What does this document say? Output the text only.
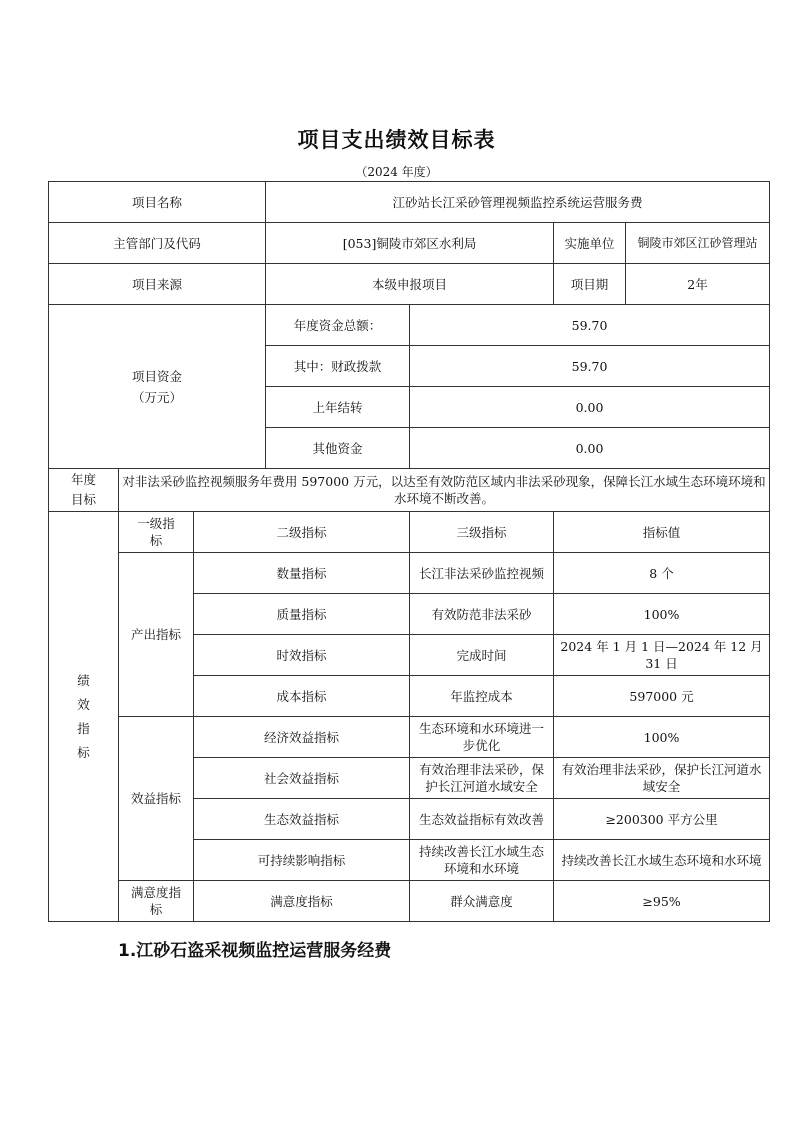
项目支出绩效目标表
（2024 年度）
项目名称			江砂站长江采砂管理视频监控系统运营服务费			
主管部门及代码			[053]铜陵市郊区水利局		实施单位	铜陵市郊区江砂管理站
项目来源			本级申报项目		项目期	2年

项目资金
（万元）			年度资金总额：	59.70		
			其中：财政拨款	59.70		
			上年结转	0.00		
			其他资金	0.00		

年度
目标	对非法采砂监控视频服务年费用 597000 万元，以达至有效防范区域内非法采砂现象，保障长江水域生态环境环境和水环境不断改善。					

绩
效
指
标	一级指标	二级指标		三级指标	指标值	
	产出指标	数量指标		长江非法采砂监控视频	8 个	
		质量指标		有效防范非法采砂	100%	
		时效指标		完成时间	2024 年 1 月 1 日—2024 年 12 月 31 日	
		成本指标		年监控成本	597000 元	
	效益指标	经济效益指标		生态环境和水环境进一步优化	100%	
		社会效益指标		有效治理非法采砂，保护长江河道水域安全	有效治理非法采砂，保护长江河道水域安全	
		生态效益指标		生态效益指标有效改善	≥200300 平方公里	
		可持续影响指标		持续改善长江水域生态环境和水环境	持续改善长江水域生态环境和水环境	
	满意度指标	满意度指标		群众满意度	≥95%	
1.江砂石盗采视频监控运营服务经费
